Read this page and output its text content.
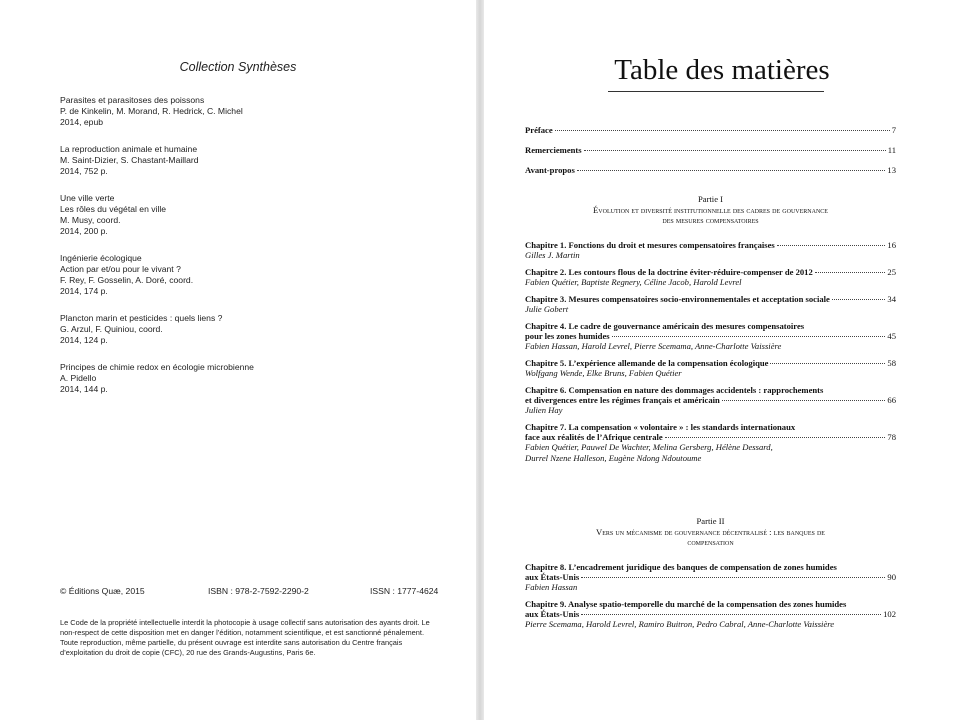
Collection Synthèses
Parasites et parasitoses des poissons
P. de Kinkelin, M. Morand, R. Hedrick, C. Michel
2014, epub
La reproduction animale et humaine
M. Saint-Dizier, S. Chastant-Maillard
2014, 752 p.
Une ville verte
Les rôles du végétal en ville
M. Musy, coord.
2014, 200 p.
Ingénierie écologique
Action par et/ou pour le vivant ?
F. Rey, F. Gosselin, A. Doré, coord.
2014, 174 p.
Plancton marin et pesticides : quels liens ?
G. Arzul, F. Quiniou, coord.
2014, 124 p.
Principes de chimie redox en écologie microbienne
A. Pidello
2014, 144 p.
© Éditions Quæ, 2015	ISBN : 978-2-7592-2290-2	ISSN : 1777-4624
Le Code de la propriété intellectuelle interdit la photocopie à usage collectif sans autorisation des ayants droit. Le non-respect de cette disposition met en danger l’édition, notamment scientifique, et est sanctionné pénalement. Toute reproduction, même partielle, du présent ouvrage est interdite sans autorisation du Centre français d’exploitation du droit de copie (CFC), 20 rue des Grands-Augustins, Paris 6e.
Table des matières
Préface	7
Remerciements	11
Avant-propos	13
Partie I
Évolution et diversité institutionnelle des cadres de gouvernance
des mesures compensatoires
Chapitre 1. Fonctions du droit et mesures compensatoires françaises	16
Gilles J. Martin
Chapitre 2. Les contours flous de la doctrine éviter-réduire-compenser de 2012	25
Fabien Quétier, Baptiste Regnery, Céline Jacob, Harold Levrel
Chapitre 3. Mesures compensatoires socio-environnementales et acceptation sociale	34
Julie Gobert
Chapitre 4. Le cadre de gouvernance américain des mesures compensatoires
pour les zones humides	45
Fabien Hassan, Harold Levrel, Pierre Scemama, Anne-Charlotte Vaissière
Chapitre 5. L’expérience allemande de la compensation écologique	58
Wolfgang Wende, Elke Bruns, Fabien Quétier
Chapitre 6. Compensation en nature des dommages accidentels : rapprochements
et divergences entre les régimes français et américain	66
Julien Hay
Chapitre 7. La compensation « volontaire » : les standards internationaux
face aux réalités de l’Afrique centrale	78
Fabien Quétier, Pauwel De Wachter, Melina Gersberg, Hélène Dessard,
Durrel Nzene Halleson, Eugène Ndong Ndoutoume
Partie II
Vers un mécanisme de gouvernance décentralisé : les banques de
compensation
Chapitre 8. L’encadrement juridique des banques de compensation de zones humides
aux États-Unis	90
Fabien Hassan
Chapitre 9. Analyse spatio-temporelle du marché de la compensation des zones humides
aux États-Unis	102
Pierre Scemama, Harold Levrel, Ramiro Buitron, Pedro Cabral, Anne-Charlotte Vaissière
